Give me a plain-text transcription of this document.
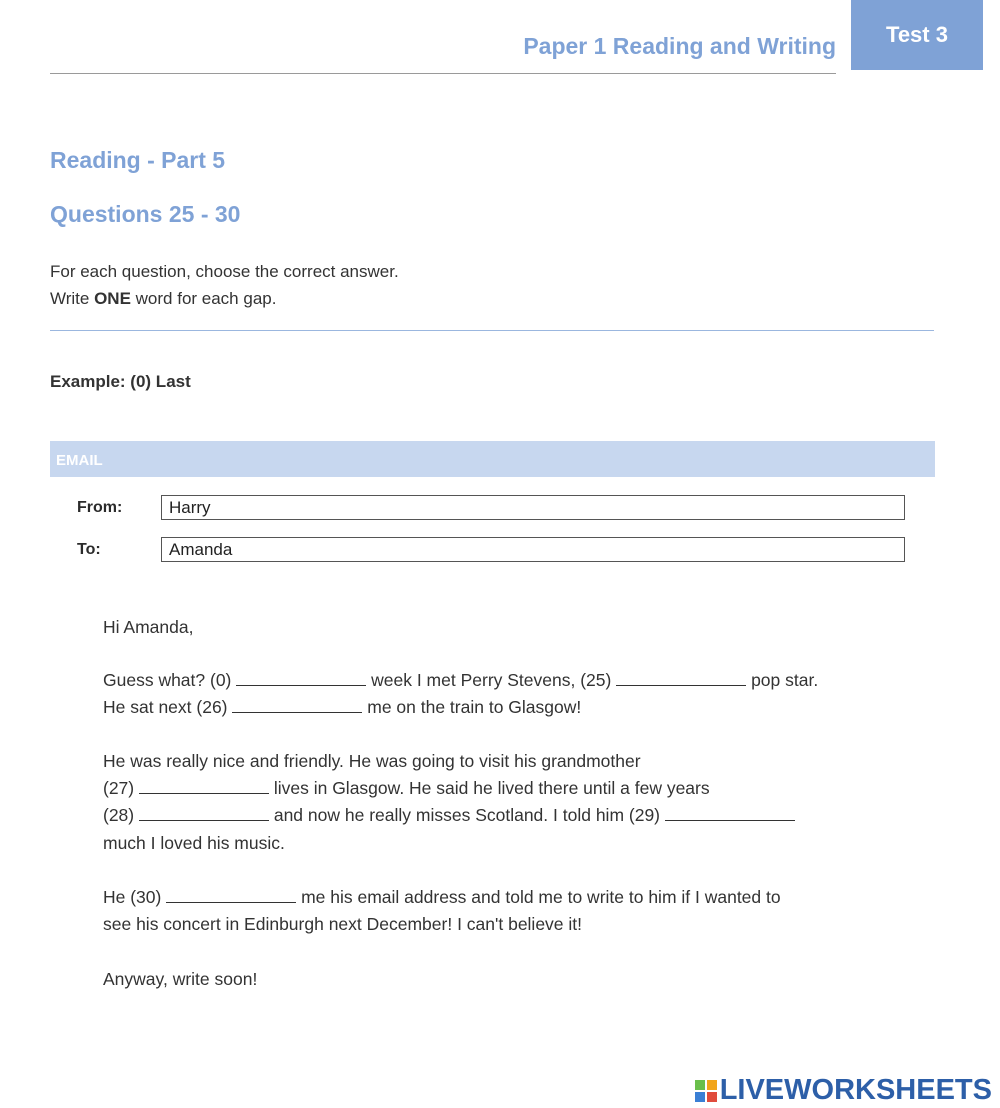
Paper 1 Reading and Writing Test 3
Reading - Part 5
Questions 25 - 30
For each question, choose the correct answer.
Write ONE word for each gap.
Example: (0) Last
EMAIL
From:	Harry
To:	Amanda
Hi Amanda,
Guess what? (0)	week I met Perry Stevens, (25)	pop star.
He sat next (26)	me on the train to Glasgow!
He was really nice and friendly. He was going to visit his grandmother
(27)	lives in Glasgow. He said he lived there until a few years
(28)	and now he really misses Scotland. I told him (29)
much I loved his music.
He (30)	me his email address and told me to write to him if I wanted to
see his concert in Edinburgh next December! I can't believe it!
Anyway, write soon!
LIVEWORKSHEETS
